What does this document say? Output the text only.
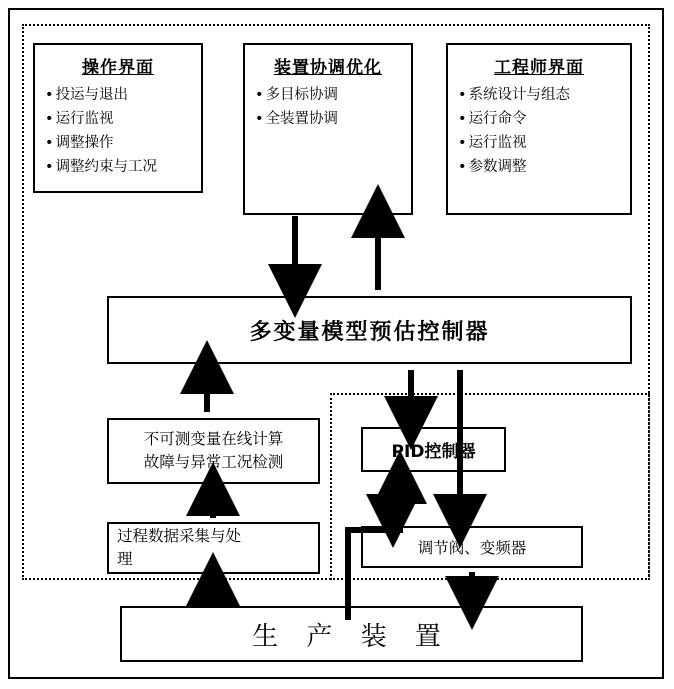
操作界面
• 投运与退出
• 运行监视
• 调整操作
• 调整约束与工况
装置协调优化
• 多目标协调
• 全装置协调
工程师界面
• 系统设计与组态
• 运行命令
• 运行监视
• 参数调整
多变量模型预估控制器
不可测变量在线计算
故障与异常工况检测
过程数据采集与处
理
PID控制器
调节阀、变频器
生 产 装 置
